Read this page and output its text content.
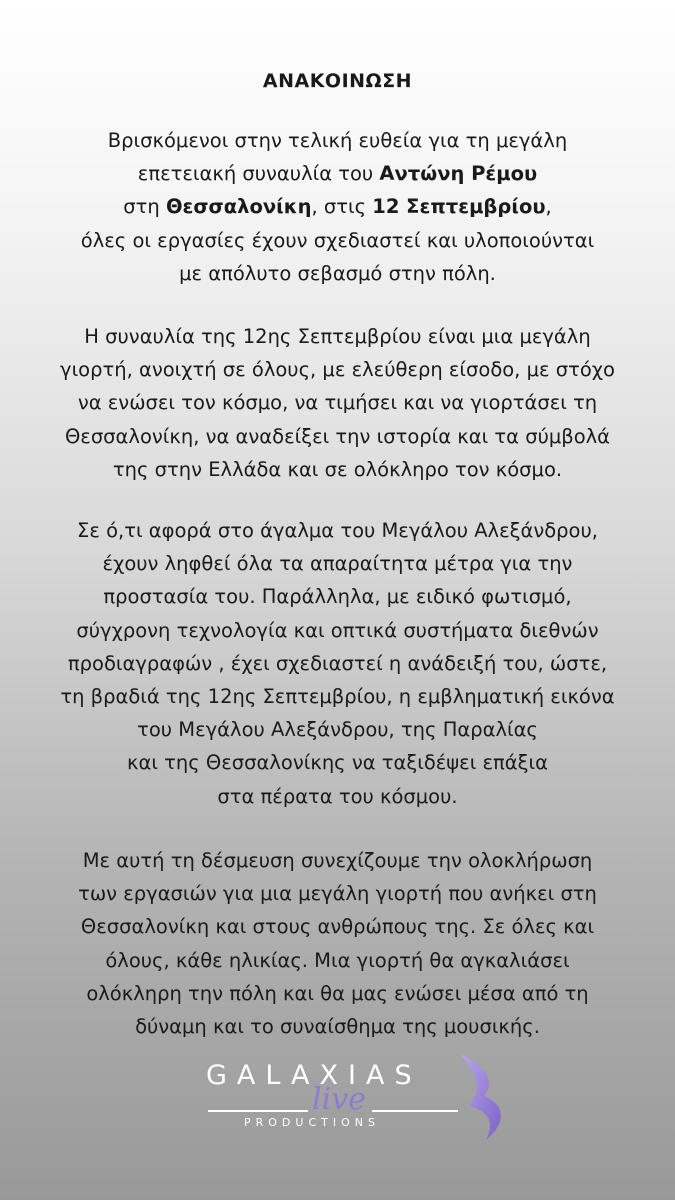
ΑΝΑΚΟΙΝΩΣΗ
Βρισκόμενοι στην τελική ευθεία για τη μεγάλη
επετειακή συναυλία του Αντώνη Ρέμου
στη Θεσσαλονίκη, στις 12 Σεπτεμβρίου,
όλες οι εργασίες έχουν σχεδιαστεί και υλοποιούνται
με απόλυτο σεβασμό στην πόλη.
Η συναυλία της 12ης Σεπτεμβρίου είναι μια μεγάλη
γιορτή, ανοιχτή σε όλους, με ελεύθερη είσοδο, με στόχο
να ενώσει τον κόσμο, να τιμήσει και να γιορτάσει τη
Θεσσαλονίκη, να αναδείξει την ιστορία και τα σύμβολά
της στην Ελλάδα και σε ολόκληρο τον κόσμο.
Σε ό,τι αφορά στο άγαλμα του Μεγάλου Αλεξάνδρου,
έχουν ληφθεί όλα τα απαραίτητα μέτρα για την
προστασία του. Παράλληλα, με ειδικό φωτισμό,
σύγχρονη τεχνολογία και οπτικά συστήματα διεθνών
προδιαγραφών , έχει σχεδιαστεί η ανάδειξή του, ώστε,
τη βραδιά της 12ης Σεπτεμβρίου, η εμβληματική εικόνα
του Μεγάλου Αλεξάνδρου, της Παραλίας
και της Θεσσαλονίκης να ταξιδέψει επάξια
στα πέρατα του κόσμου.
Με αυτή τη δέσμευση συνεχίζουμε την ολοκλήρωση
των εργασιών για μια μεγάλη γιορτή που ανήκει στη
Θεσσαλονίκη και στους ανθρώπους της. Σε όλες και
όλους, κάθε ηλικίας. Μια γιορτή θα αγκαλιάσει
ολόκληρη την πόλη και θα μας ενώσει μέσα από τη
δύναμη και το συναίσθημα της μουσικής.
GALAXIAS
live
PRODUCTIONS
